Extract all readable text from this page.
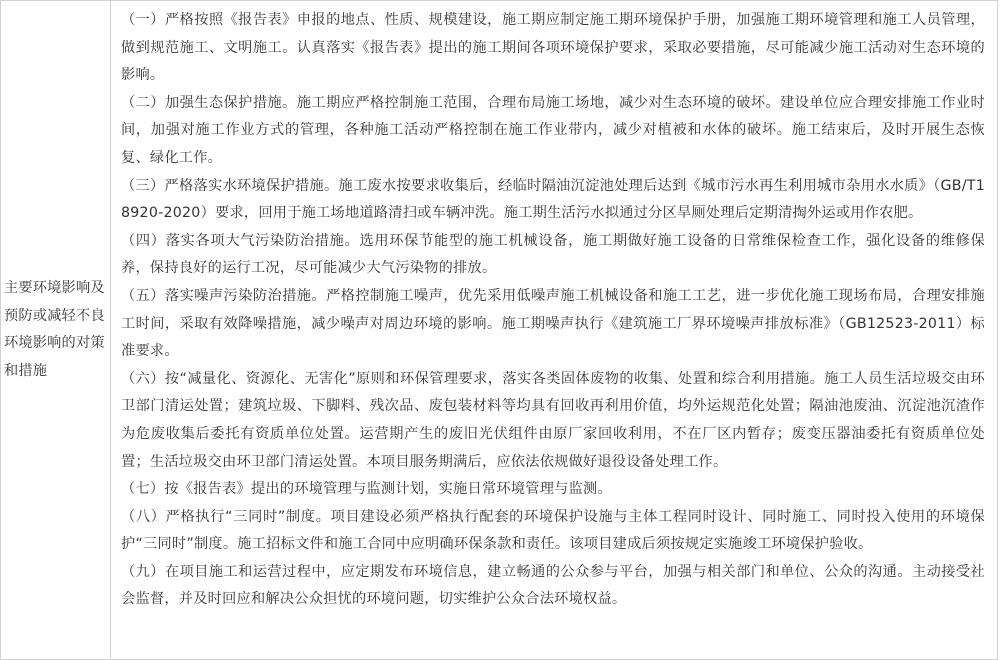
主要环境影响及预防或减轻不良环境影响的对策和措施

（一）严格按照《报告表》申报的地点、性质、规模建设，施工期应制定施工期环境保护手册，加强施工期环境管理和施工人员管理，做到规范施工、文明施工。认真落实《报告表》提出的施工期间各项环境保护要求，采取必要措施，尽可能减少施工活动对生态环境的影响。

（二）加强生态保护措施。施工期应严格控制施工范围，合理布局施工场地，减少对生态环境的破坏。建设单位应合理安排施工作业时间，加强对施工作业方式的管理，各种施工活动严格控制在施工作业带内，减少对植被和水体的破坏。施工结束后，及时开展生态恢复、绿化工作。

（三）严格落实水环境保护措施。施工废水按要求收集后，经临时隔油沉淀池处理后达到《城市污水再生利用城市杂用水水质》（GB/T18920-2020）要求，回用于施工场地道路清扫或车辆冲洗。施工期生活污水拟通过分区旱厕处理后定期清掏外运或用作农肥。

（四）落实各项大气污染防治措施。选用环保节能型的施工机械设备，施工期做好施工设备的日常维保检查工作，强化设备的维修保养，保持良好的运行工况，尽可能减少大气污染物的排放。

（五）落实噪声污染防治措施。严格控制施工噪声，优先采用低噪声施工机械设备和施工工艺，进一步优化施工现场布局，合理安排施工时间，采取有效降噪措施，减少噪声对周边环境的影响。施工期噪声执行《建筑施工厂界环境噪声排放标准》（GB12523-2011）标准要求。

（六）按“减量化、资源化、无害化”原则和环保管理要求，落实各类固体废物的收集、处置和综合利用措施。施工人员生活垃圾交由环卫部门清运处置；建筑垃圾、下脚料、残次品、废包装材料等均具有回收再利用价值，均外运规范化处置；隔油池废油、沉淀池沉渣作为危废收集后委托有资质单位处置。运营期产生的废旧光伏组件由原厂家回收利用，不在厂区内暂存；废变压器油委托有资质单位处置；生活垃圾交由环卫部门清运处置。本项目服务期满后，应依法依规做好退役设备处理工作。

（七）按《报告表》提出的环境管理与监测计划，实施日常环境管理与监测。

（八）严格执行“三同时”制度。项目建设必须严格执行配套的环境保护设施与主体工程同时设计、同时施工、同时投入使用的环境保护“三同时”制度。施工招标文件和施工合同中应明确环保条款和责任。该项目建成后须按规定实施竣工环境保护验收。

（九）在项目施工和运营过程中，应定期发布环境信息，建立畅通的公众参与平台，加强与相关部门和单位、公众的沟通。主动接受社会监督，并及时回应和解决公众担忧的环境问题，切实维护公众合法环境权益。
